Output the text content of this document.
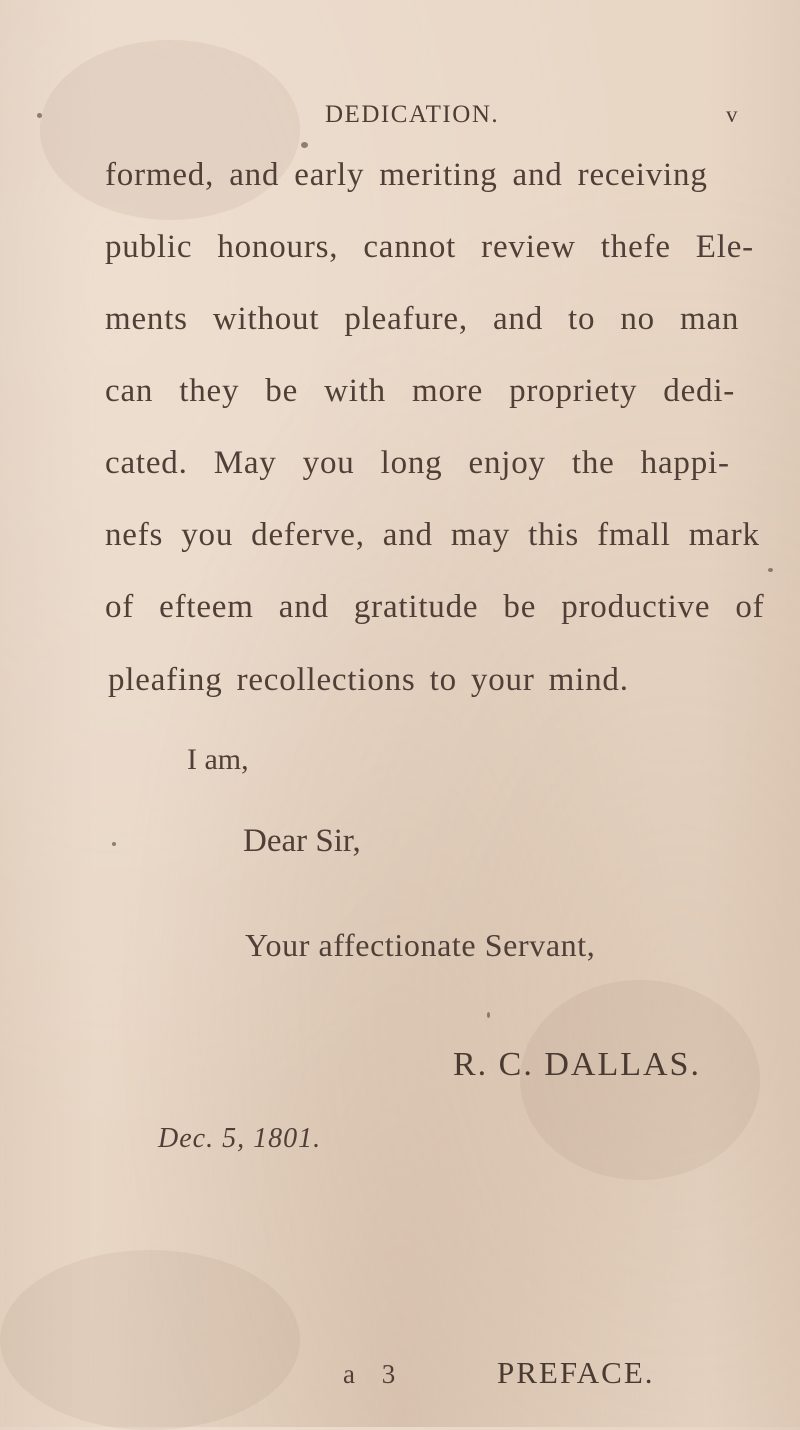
DEDICATION.	v
formed, and early meriting and receiving
public honours, cannot review thefe Ele-
ments without pleafure, and to no man
can they be with more propriety dedi-
cated. May you long enjoy the happi-
nefs you deferve, and may this fmall mark
of efteem and gratitude be productive of
pleafing recollections to your mind.
I am,
Dear Sir,
Your affectionate Servant,
R. C. DALLAS.
Dec. 5, 1801.
a 3	PREFACE.
